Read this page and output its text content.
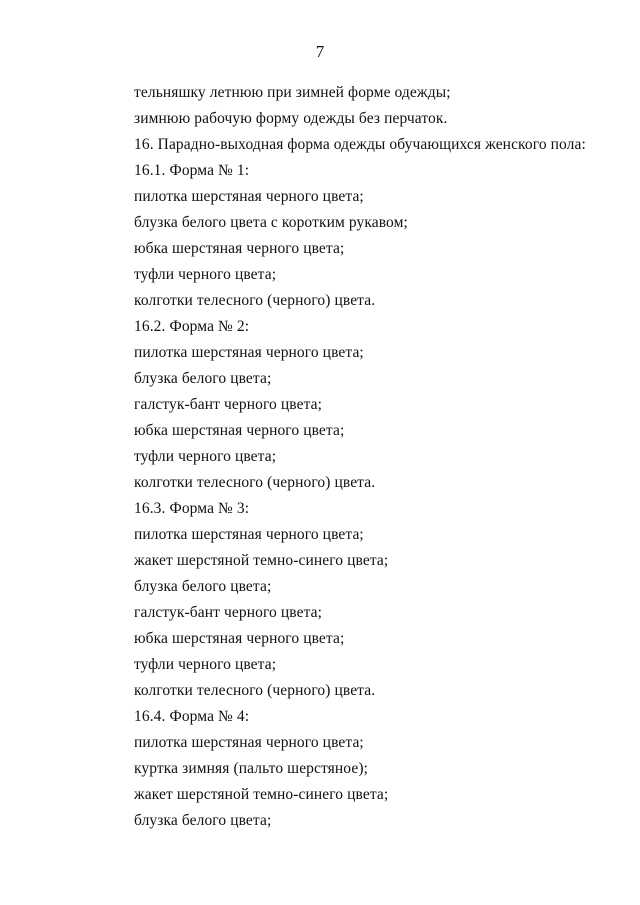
7
тельняшку летнюю при зимней форме одежды;
зимнюю рабочую форму одежды без перчаток.
16. Парадно-выходная форма одежды обучающихся женского пола:
16.1. Форма № 1:
пилотка шерстяная черного цвета;
блузка белого цвета с коротким рукавом;
юбка шерстяная черного цвета;
туфли черного цвета;
колготки телесного (черного) цвета.
16.2. Форма № 2:
пилотка шерстяная черного цвета;
блузка белого цвета;
галстук-бант черного цвета;
юбка шерстяная черного цвета;
туфли черного цвета;
колготки телесного (черного) цвета.
16.3. Форма № 3:
пилотка шерстяная черного цвета;
жакет шерстяной темно-синего цвета;
блузка белого цвета;
галстук-бант черного цвета;
юбка шерстяная черного цвета;
туфли черного цвета;
колготки телесного (черного) цвета.
16.4. Форма № 4:
пилотка шерстяная черного цвета;
куртка зимняя (пальто шерстяное);
жакет шерстяной темно-синего цвета;
блузка белого цвета;
